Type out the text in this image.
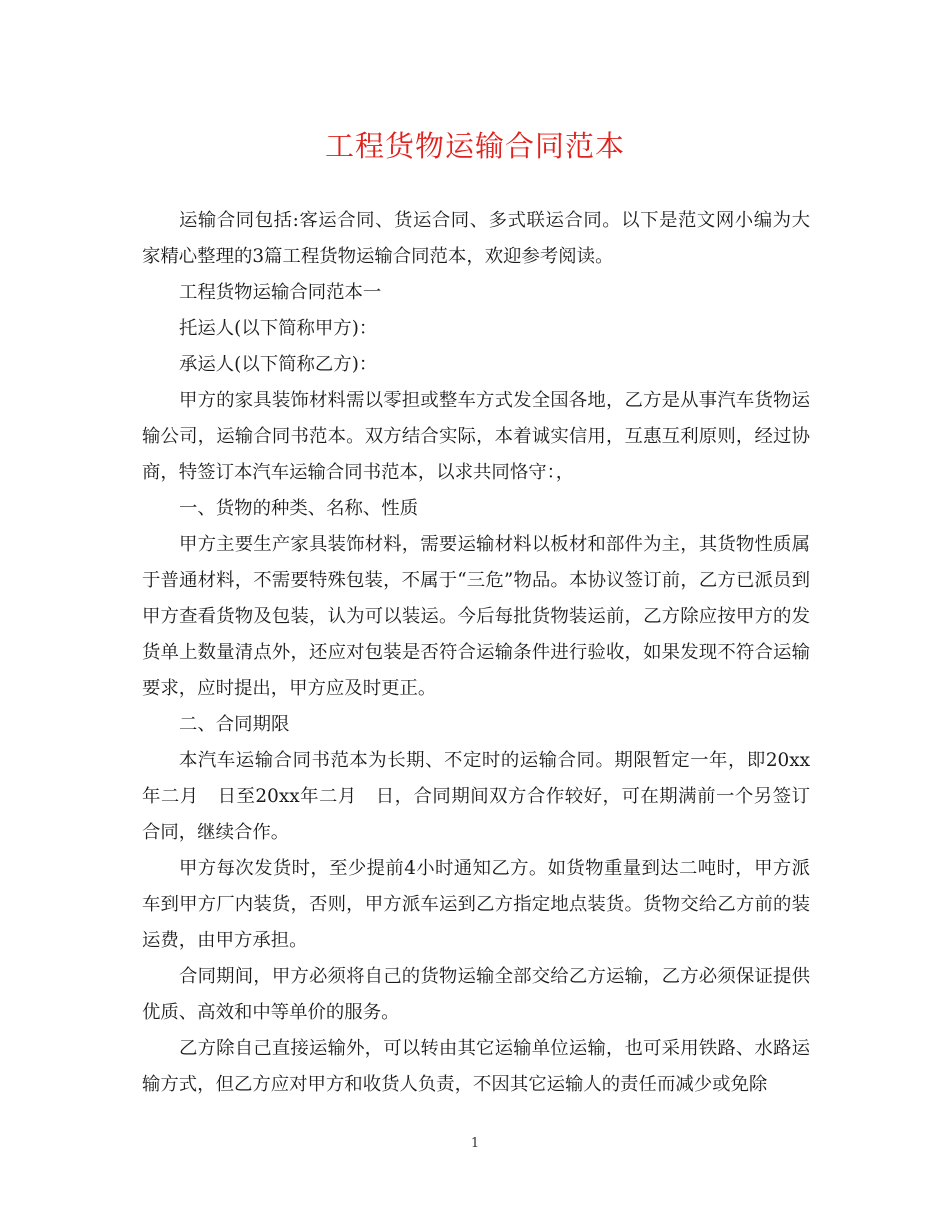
工程货物运输合同范本

运输合同包括:客运合同、货运合同、多式联运合同。以下是范文网小编为大家精心整理的3篇工程货物运输合同范本，欢迎参考阅读。

工程货物运输合同范本一

托运人(以下简称甲方)：

承运人(以下简称乙方)：

甲方的家具装饰材料需以零担或整车方式发全国各地，乙方是从事汽车货物运输公司，运输合同书范本。双方结合实际，本着诚实信用，互惠互利原则，经过协商，特签订本汽车运输合同书范本，以求共同恪守：，

一、货物的种类、名称、性质

甲方主要生产家具装饰材料，需要运输材料以板材和部件为主，其货物性质属于普通材料，不需要特殊包装，不属于“三危”物品。本协议签订前，乙方已派员到甲方查看货物及包装，认为可以装运。今后每批货物装运前，乙方除应按甲方的发货单上数量清点外，还应对包装是否符合运输条件进行验收，如果发现不符合运输要求，应时提出，甲方应及时更正。

二、合同期限

本汽车运输合同书范本为长期、不定时的运输合同。期限暂定一年，即20xx年二月　日至20xx年二月　日，合同期间双方合作较好，可在期满前一个另签订合同，继续合作。

甲方每次发货时，至少提前4小时通知乙方。如货物重量到达二吨时，甲方派车到甲方厂内装货，否则，甲方派车运到乙方指定地点装货。货物交给乙方前的装运费，由甲方承担。

合同期间，甲方必须将自己的货物运输全部交给乙方运输，乙方必须保证提供优质、高效和中等单价的服务。

乙方除自己直接运输外，可以转由其它运输单位运输，也可采用铁路、水路运输方式，但乙方应对甲方和收货人负责，不因其它运输人的责任而减少或免除

1
